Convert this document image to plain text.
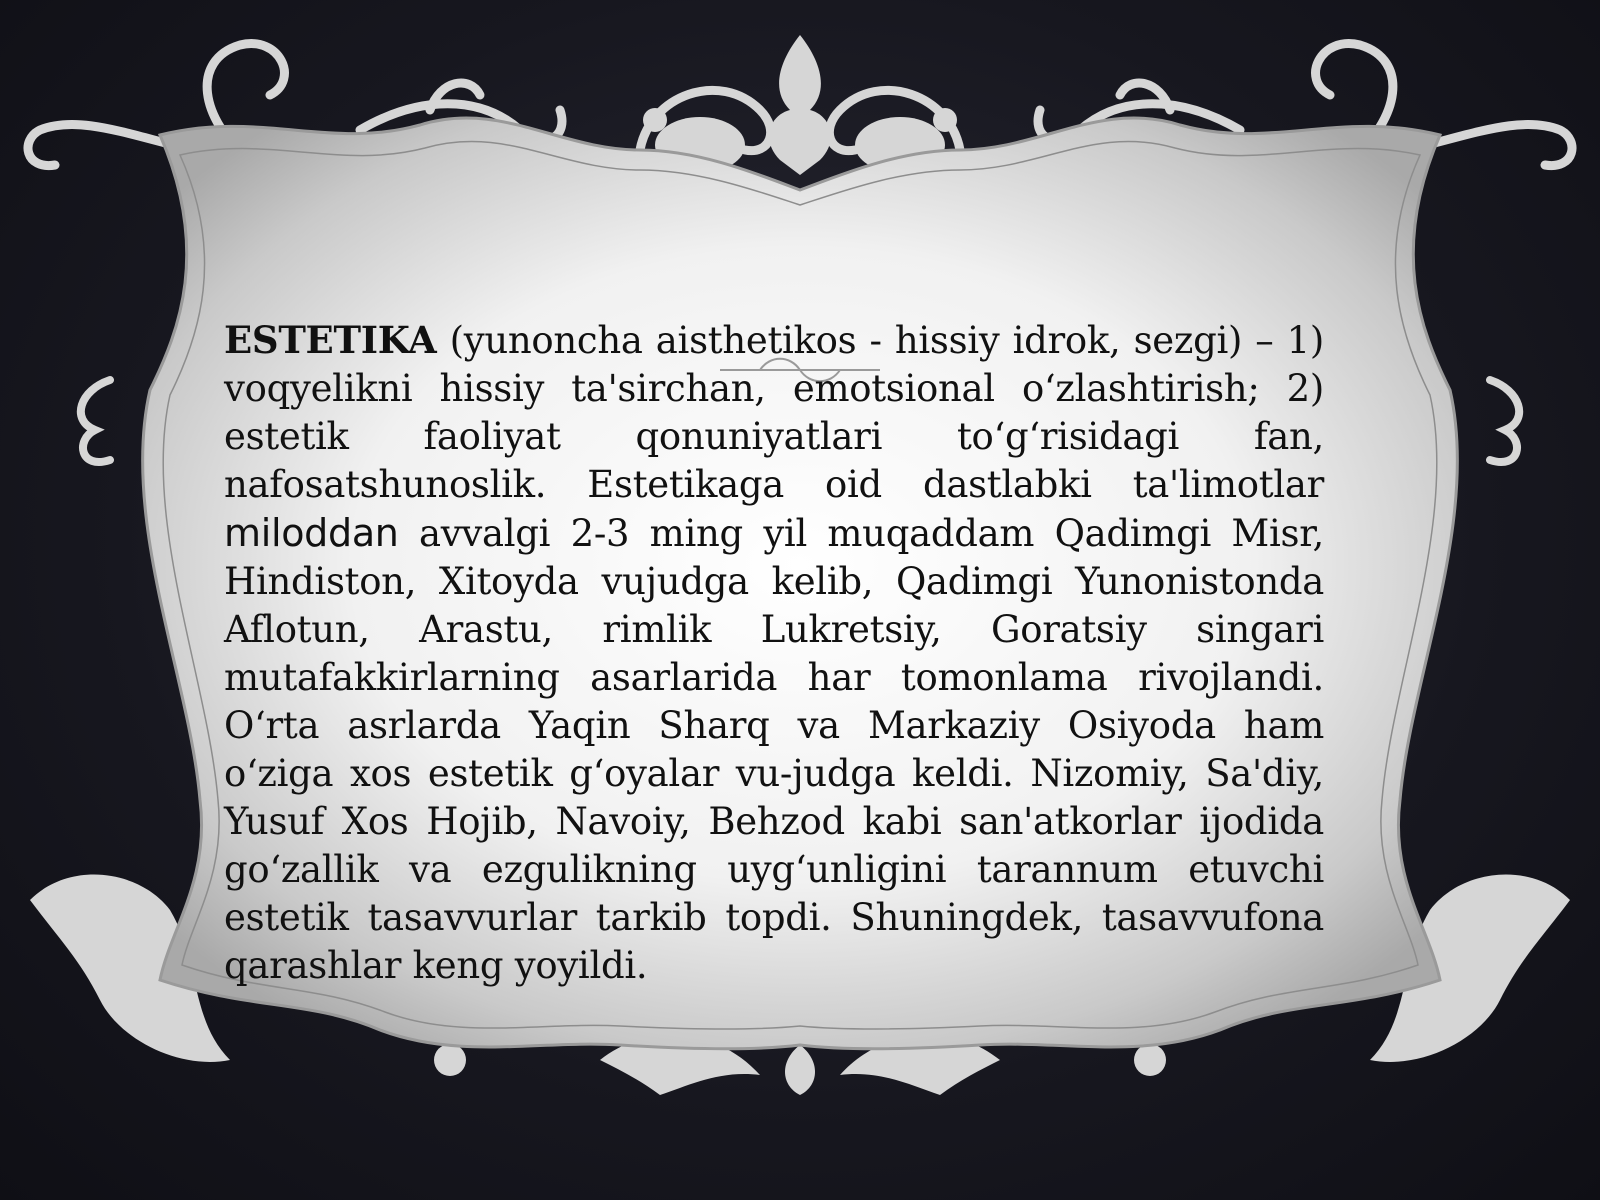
ESTETIKA (yunoncha aisthetikos - hissiy idrok, sezgi) – 1) voqyelikni hissiy ta'sirchan, emotsional o‘zlashtirish; 2) estetik faoliyat qonuniyatlari to‘g‘risidagi fan, nafosatshunoslik. Estetikaga oid dastlabki ta'limotlar miloddan avvalgi 2-3 ming yil muqaddam Qadimgi Misr, Hindiston, Xitoyda vujudga kelib, Qadimgi Yunonistonda Aflotun, Arastu, rimlik Lukretsiy, Goratsiy singari mutafakkirlarning asarlarida har tomonlama rivojlandi. O‘rta asrlarda Yaqin Sharq va Markaziy Osiyoda ham o‘ziga xos estetik g‘oyalar vu-judga keldi. Nizomiy, Sa'diy, Yusuf Xos Hojib, Navoiy, Behzod kabi san'atkorlar ijodida go‘zallik va ezgulikning uyg‘unligini tarannum etuvchi estetik tasavvurlar tarkib topdi. Shuningdek, tasavvufona qarashlar keng yoyildi.
